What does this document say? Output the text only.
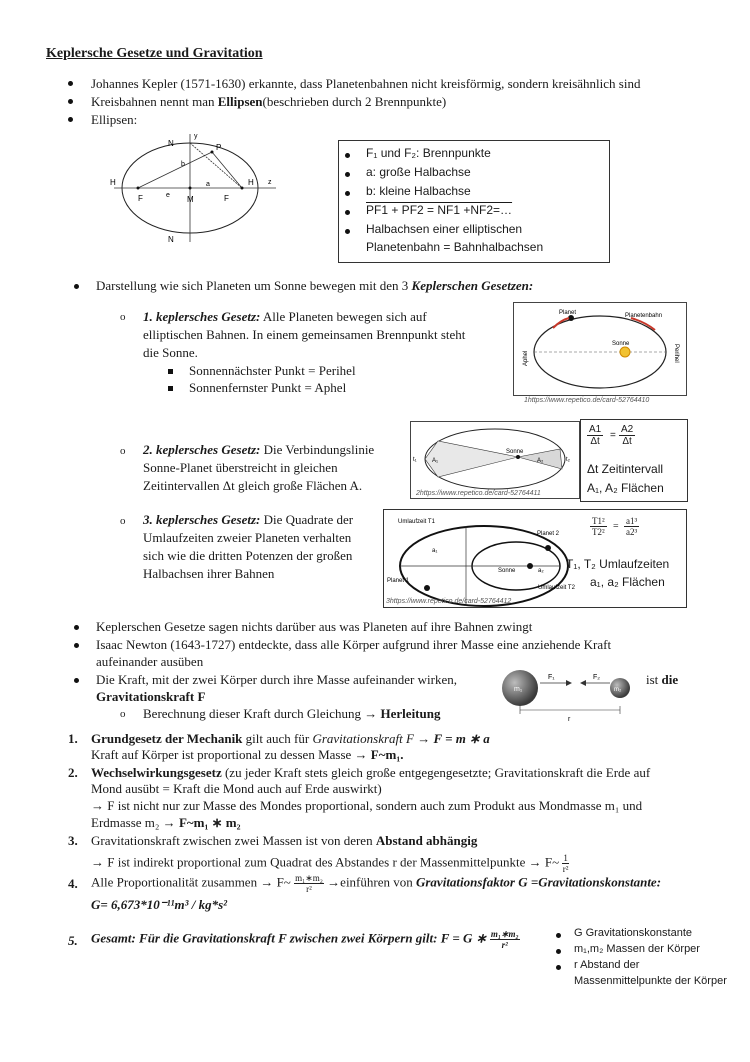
Keplersche Gesetze und Gravitation
Johannes Kepler (1571-1630) erkannte, dass Planetenbahnen nicht kreisförmig, sondern kreisähnlich sind
Kreisbahnen nennt man Ellipsen(beschrieben durch 2 Brennpunkte)
Ellipsen:
N
N
H	H
F	F
M
P
y
z
a
b
e
F₁ und F₂: Brennpunkte
a: große Halbachse
b: kleine Halbachse
PF1 + PF2 = NF1 +NF2=…
Halbachsen einer elliptischen
Planetenbahn = Bahnhalbachsen
Darstellung wie sich Planeten um Sonne bewegen mit den 3 Keplerschen Gesetzen:
o 1. keplersches Gesetz: Alle Planeten bewegen sich auf
elliptischen Bahnen. In einem gemeinsamen Brennpunkt steht
die Sonne.
Sonnennächster Punkt = Perihel
Sonnenfernster Punkt = Aphel
Planet	Planetenbahn
Sonne
Aphel	Perihel
1https://www.repetico.de/card-52764410
o 2. keplersches Gesetz: Die Verbindungslinie
Sonne-Planet überstreicht in gleichen
Zeitintervallen Δt gleich große Flächen A.
Sonne
A₁	A₂
t₁	t₂
2https://www.repetico.de/card-52764411
$\frac{A1}{\Delta t} = \frac{A2}{\Delta t}$
Δt Zeitintervall
A₁, A₂ Flächen
o 3. keplersches Gesetz: Die Quadrate der
Umlaufzeiten zweier Planeten verhalten
sich wie die dritten Potenzen der großen
Halbachsen ihrer Bahnen
Umlaufzeit T1
Umlaufzeit T2
Planet 1
Planet 2
Sonne
a₁
a₂
$\frac{\text{T1²}}{\text{T2²}} = \frac{\text{a1³}}{\text{a2³}}$
T₁, T₂ Umlaufzeiten
a₁, a₂ Flächen
3https://www.repetico.de/card-52764412
Keplerschen Gesetze sagen nichts darüber aus was Planeten auf ihre Bahnen zwingt
Isaac Newton (1643-1727) entdeckte, dass alle Körper aufgrund ihrer Masse eine anziehende Kraft
aufeinander ausüben
Die Kraft, mit der zwei Körper durch ihre Masse aufeinander wirken,	ist die
Gravitationskraft F
o Berechnung dieser Kraft durch Gleichung → Herleitung
m₁	m₂
F₁	F₂
r
1. Grundgesetz der Mechanik gilt auch für Gravitationskraft F → F = m ∗ a
Kraft auf Körper ist proportional zu dessen Masse → F~m₁.
2. Wechselwirkungsgesetz (zu jeder Kraft stets gleich große entgegengesetzte; Gravitationskraft die Erde auf
Mond ausübt = Kraft die Mond auch auf Erde auswirkt)
→ F ist nicht nur zur Masse des Mondes proportional, sondern auch zum Produkt aus Mondmasse m₁ und
Erdmasse m₂ → F~m₁ ∗ m₂
3. Gravitationskraft zwischen zwei Massen ist von deren Abstand abhängig
→ F ist indirekt proportional zum Quadrat des Abstandes r der Massenmittelpunkte → F~ $\frac{1}{\text{r²}}$
4. Alle Proportionalität zusammen → F~ $\frac{\text{m₁∗m₂}}{\text{r²}}$ →einführen von Gravitationsfaktor G =Gravitationskonstante:
G= 6,673*10⁻¹¹m³ / kg*s²
5. Gesamt: Für die Gravitationskraft F zwischen zwei Körpern gilt: F = G ∗ $\frac{\text{m₁∗m₂}}{\text{r²}}$	G Gravitationskonstante
m₁,m₂ Massen der Körper
r Abstand der
Massenmittelpunkte der Körper
